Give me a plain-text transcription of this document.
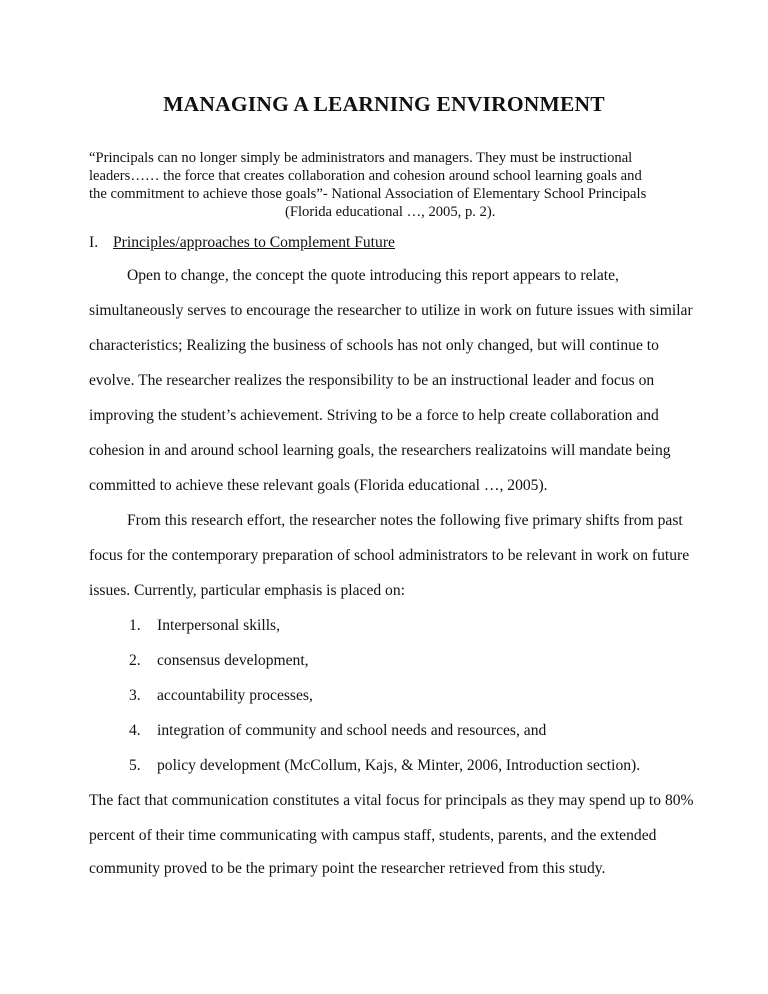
MANAGING A LEARNING ENVIRONMENT
“Principals can no longer simply be administrators and managers. They must be instructional
leaders…… the force that creates collaboration and cohesion around school learning goals and
the commitment to achieve those goals”- National Association of Elementary School Principals
(Florida educational …, 2005, p. 2).
I. Principles/approaches to Complement Future
Open to change, the concept the quote introducing this report appears to relate,
simultaneously serves to encourage the researcher to utilize in work on future issues with similar
characteristics; Realizing the business of schools has not only changed, but will continue to
evolve. The researcher realizes the responsibility to be an instructional leader and focus on
improving the student’s achievement. Striving to be a force to help create collaboration and
cohesion in and around school learning goals, the researchers realizatoins will mandate being
committed to achieve these relevant goals (Florida educational …, 2005).
From this research effort, the researcher notes the following five primary shifts from past
focus for the contemporary preparation of school administrators to be relevant in work on future
issues. Currently, particular emphasis is placed on:
1. Interpersonal skills,
2. consensus development,
3. accountability processes,
4. integration of community and school needs and resources, and
5. policy development (McCollum, Kajs, & Minter, 2006, Introduction section).
The fact that communication constitutes a vital focus for principals as they may spend up to 80%
percent of their time communicating with campus staff, students, parents, and the extended
community proved to be the primary point the researcher retrieved from this study.
